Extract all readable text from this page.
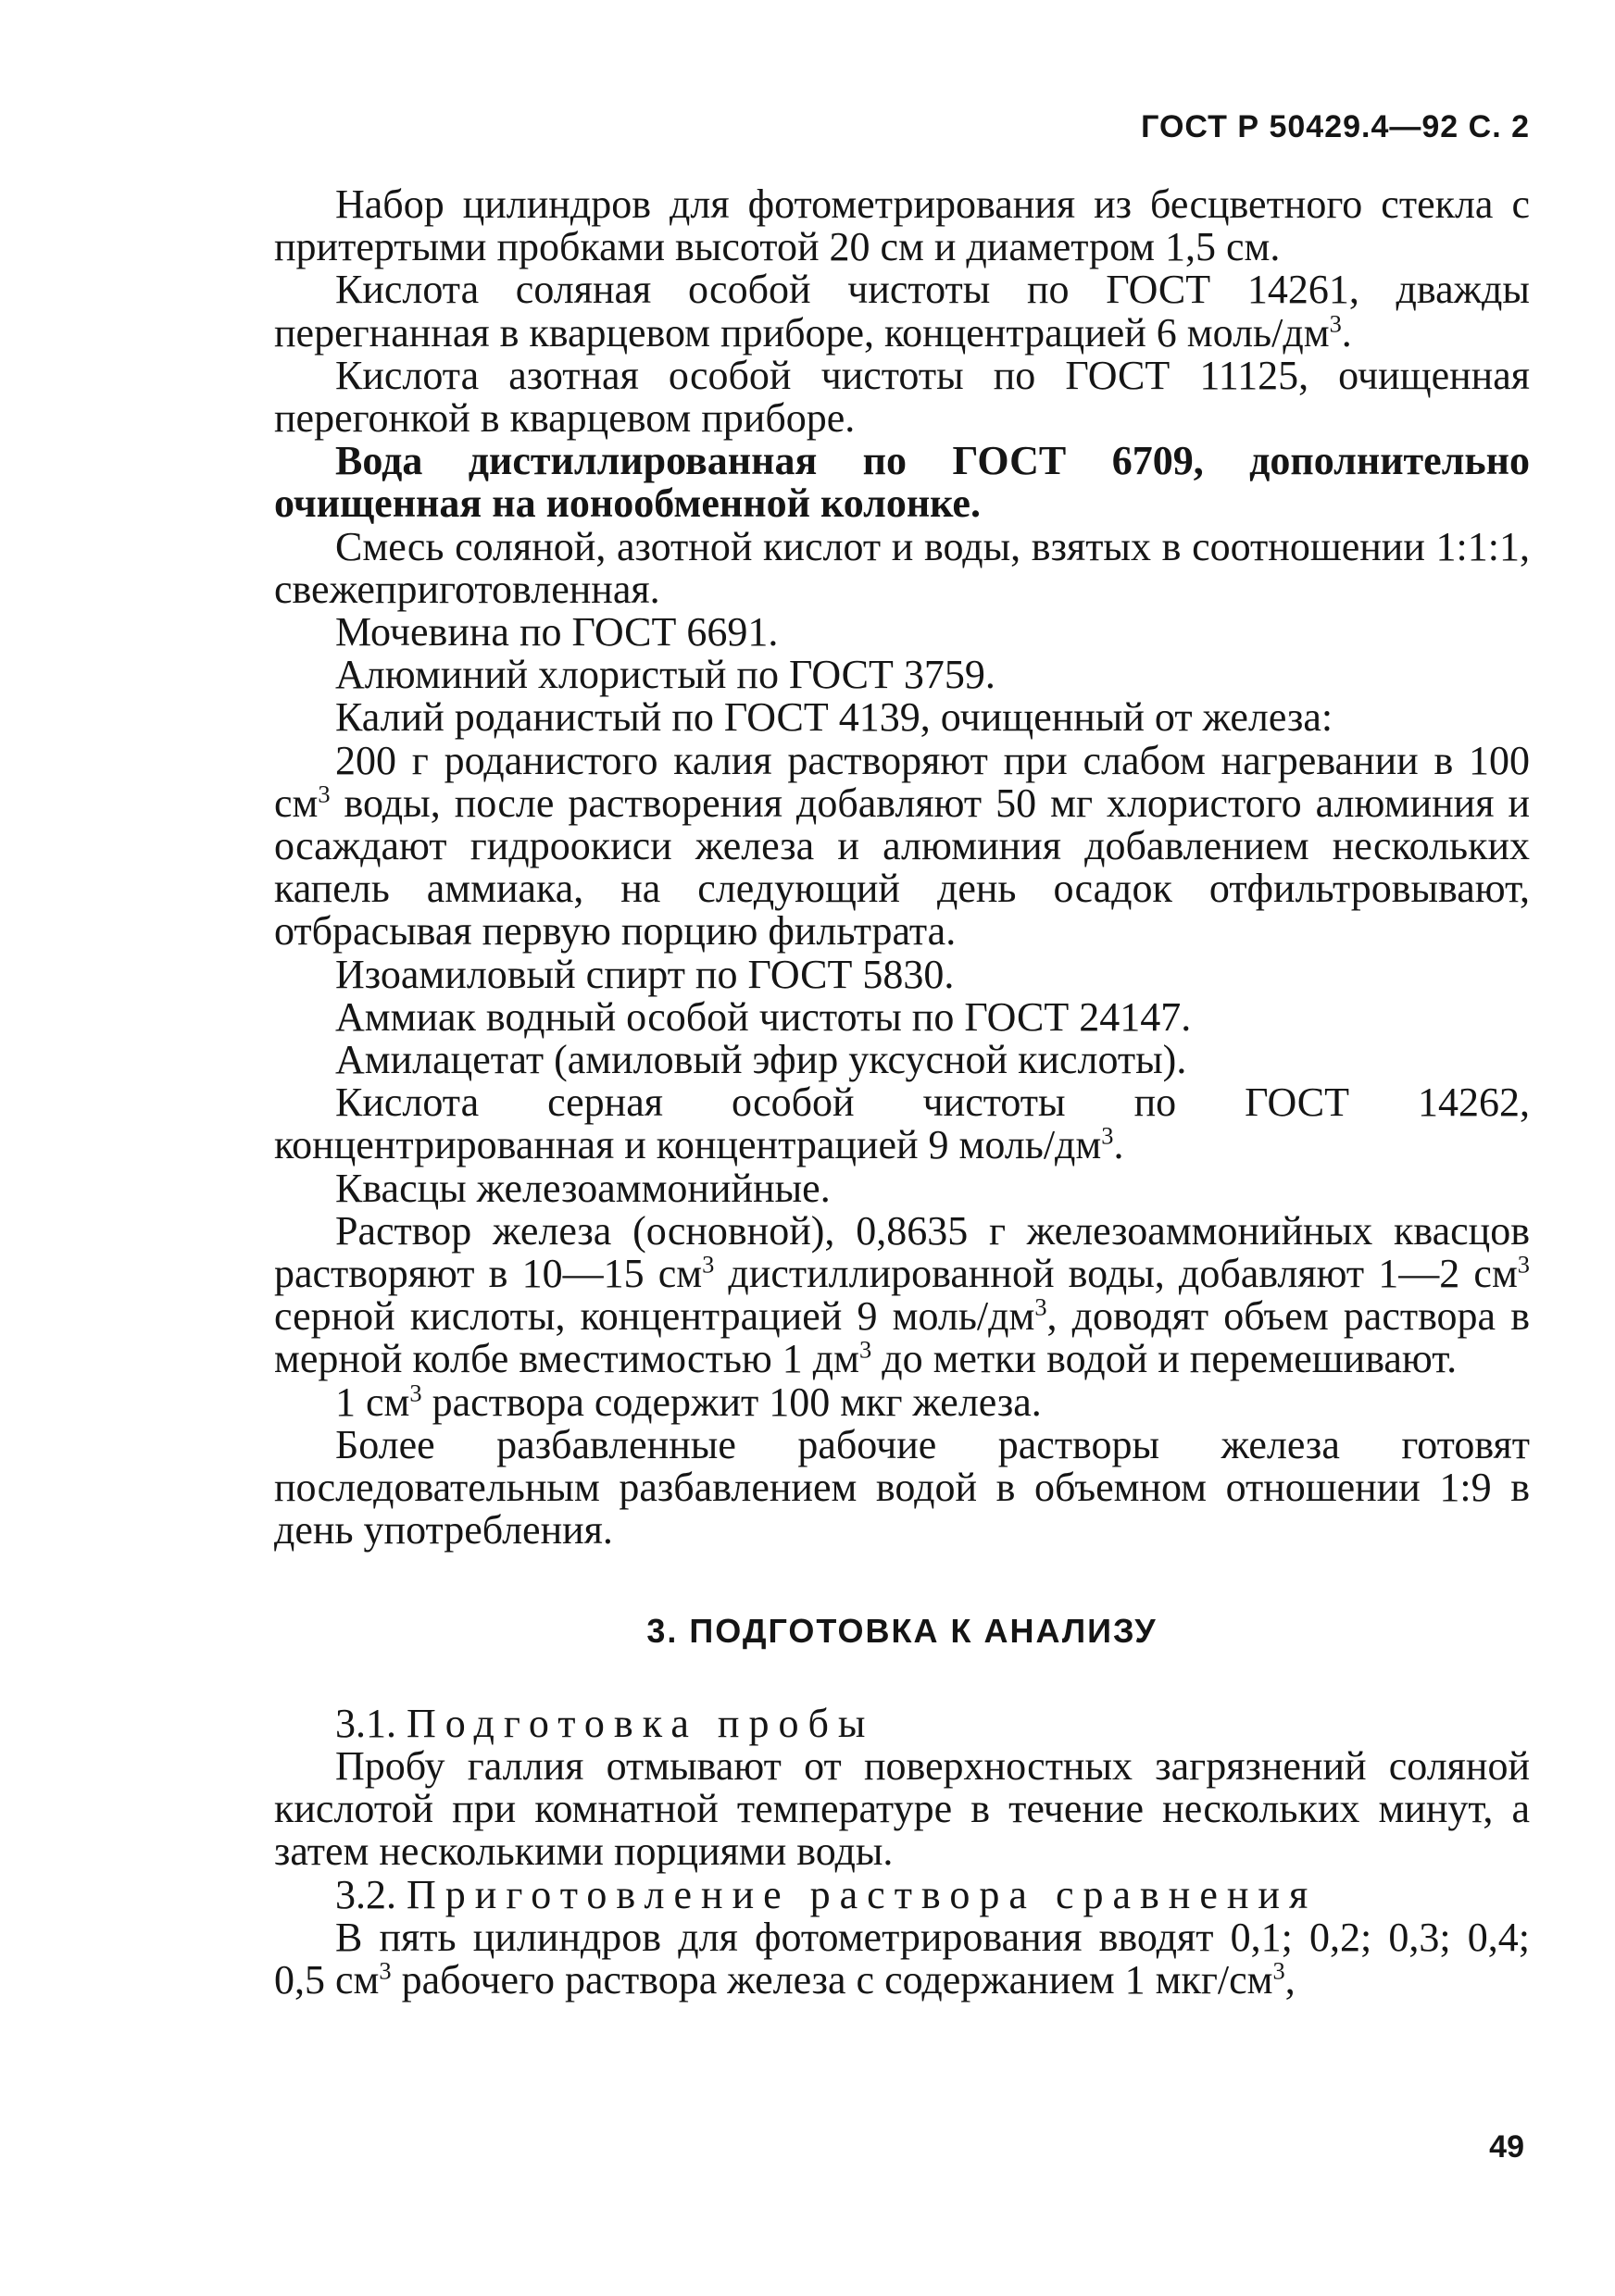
ГОСТ Р 50429.4—92 С. 2

Набор цилиндров для фотометрирования из бесцветного стекла с притертыми пробками высотой 20 см и диаметром 1,5 см.

Кислота соляная особой чистоты по ГОСТ 14261, дважды перегнанная в кварцевом приборе, концентрацией 6 моль/$дм^3$.

Кислота азотная особой чистоты по ГОСТ 11125, очищенная перегонкой в кварцевом приборе.

Вода дистиллированная по ГОСТ 6709, дополнительно очищенная на ионообменной колонке.

Смесь соляной, азотной кислот и воды, взятых в соотношении 1:1:1, свежеприготовленная.

Мочевина по ГОСТ 6691.

Алюминий хлористый по ГОСТ 3759.

Калий роданистый по ГОСТ 4139, очищенный от железа:

200 г роданистого калия растворяют при слабом нагревании в 100 $см^3$ воды, после растворения добавляют 50 мг хлористого алюминия и осаждают гидроокиси железа и алюминия добавлением нескольких капель аммиака, на следующий день осадок отфильтровывают, отбрасывая первую порцию фильтрата.

Изоамиловый спирт по ГОСТ 5830.

Аммиак водный особой чистоты по ГОСТ 24147.

Амилацетат (амиловый эфир уксусной кислоты).

Кислота серная особой чистоты по ГОСТ 14262, концентрированная и концентрацией 9 моль/$дм^3$.

Квасцы железоаммонийные.

Раствор железа (основной), 0,8635 г железоаммонийных квасцов растворяют в 10—15 $см^3$ дистиллированной воды, добавляют 1—2 $см^3$ серной кислоты, концентрацией 9 моль/$дм^3$, доводят объем раствора в мерной колбе вместимостью 1 $дм^3$ до метки водой и перемешивают.

1 $см^3$ раствора содержит 100 мкг железа.

Более разбавленные рабочие растворы железа готовят последовательным разбавлением водой в объемном отношении 1:9 в день употребления.

3. ПОДГОТОВКА К АНАЛИЗУ

3.1. Подготовка пробы

Пробу галлия отмывают от поверхностных загрязнений соляной кислотой при комнатной температуре в течение нескольких минут, а затем несколькими порциями воды.

3.2. Приготовление раствора сравнения

В пять цилиндров для фотометрирования вводят 0,1; 0,2; 0,3; 0,4; 0,5 $см^3$ рабочего раствора железа с содержанием 1 мкг/$см^3$,

49
